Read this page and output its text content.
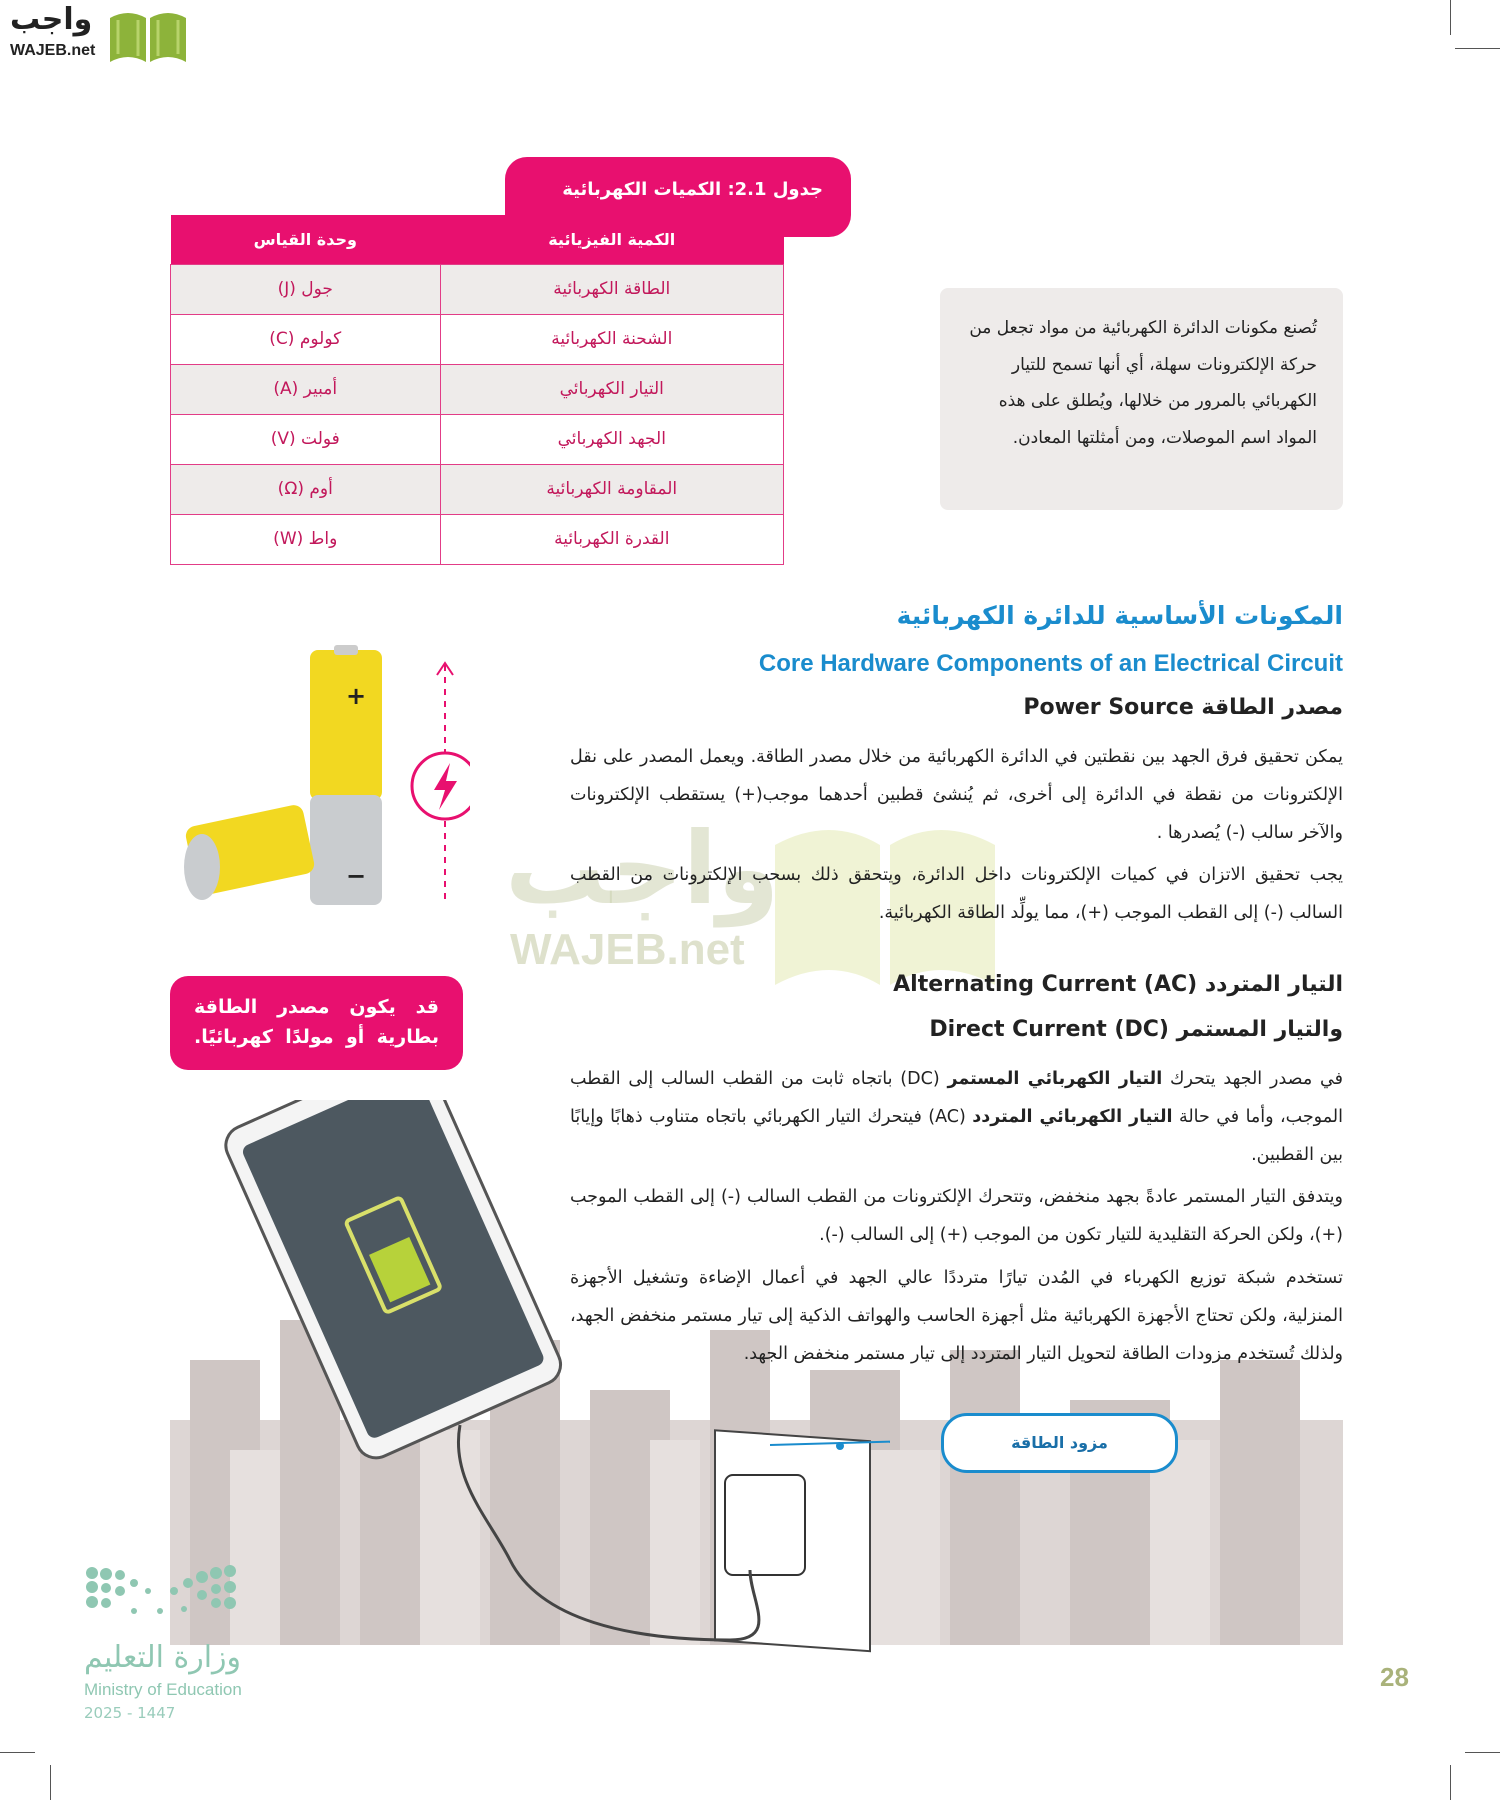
واجب
WAJEB.net
جدول 2.1: الكميات الكهربائية
الكمية الفيزيائية	وحدة القياس
الطاقة الكهربائية	جول (J)
الشحنة الكهربائية	كولوم (C)
التيار الكهربائي	أمبير (A)
الجهد الكهربائي	فولت (V)
المقاومة الكهربائية	أوم (Ω)
القدرة الكهربائية	واط (W)
تُصنع مكونات الدائرة الكهربائية من مواد تجعل من حركة الإلكترونات سهلة، أي أنها تسمح للتيار الكهربائي بالمرور من خلالها، ويُطلق على هذه المواد اسم الموصلات، ومن أمثلتها المعادن.
واجب
WAJEB.net
المكونات الأساسية للدائرة الكهربائية
Core Hardware Components of an Electrical Circuit
مصدر الطاقة Power Source
يمكن تحقيق فرق الجهد بين نقطتين في الدائرة الكهربائية من خلال مصدر الطاقة. ويعمل المصدر على نقل الإلكترونات من نقطة في الدائرة إلى أخرى، ثم يُنشئ قطبين أحدهما موجب(+) يستقطب الإلكترونات والآخر سالب (-) يُصدرها .
يجب تحقيق الاتزان في كميات الإلكترونات داخل الدائرة، ويتحقق ذلك بسحب الإلكترونات من القطب السالب (-) إلى القطب الموجب (+)، مما يولِّد الطاقة الكهربائية.
التيار المتردد Alternating Current (AC)
والتيار المستمر Direct Current (DC)
في مصدر الجهد يتحرك التيار الكهربائي المستمر (DC) باتجاه ثابت من القطب السالب إلى القطب الموجب، وأما في حالة التيار الكهربائي المتردد (AC) فيتحرك التيار الكهربائي باتجاه متناوب ذهابًا وإيابًا بين القطبين.
ويتدفق التيار المستمر عادةً بجهد منخفض، وتتحرك الإلكترونات من القطب السالب (-) إلى القطب الموجب (+)، ولكن الحركة التقليدية للتيار تكون من الموجب (+) إلى السالب (-).
تستخدم شبكة توزيع الكهرباء في المُدن تيارًا مترددًا عالي الجهد في أعمال الإضاءة وتشغيل الأجهزة المنزلية، ولكن تحتاج الأجهزة الكهربائية مثل أجهزة الحاسب والهواتف الذكية إلى تيار مستمر منخفض الجهد، ولذلك تُستخدم مزودات الطاقة لتحويل التيار المتردد إلى تيار مستمر منخفض الجهد.
+
−
قد يكون مصدر الطاقة بطارية أو مولدًا كهربائيًا.
مزود الطاقة
وزارة التعليم
Ministry of Education
2025 - 1447
28
